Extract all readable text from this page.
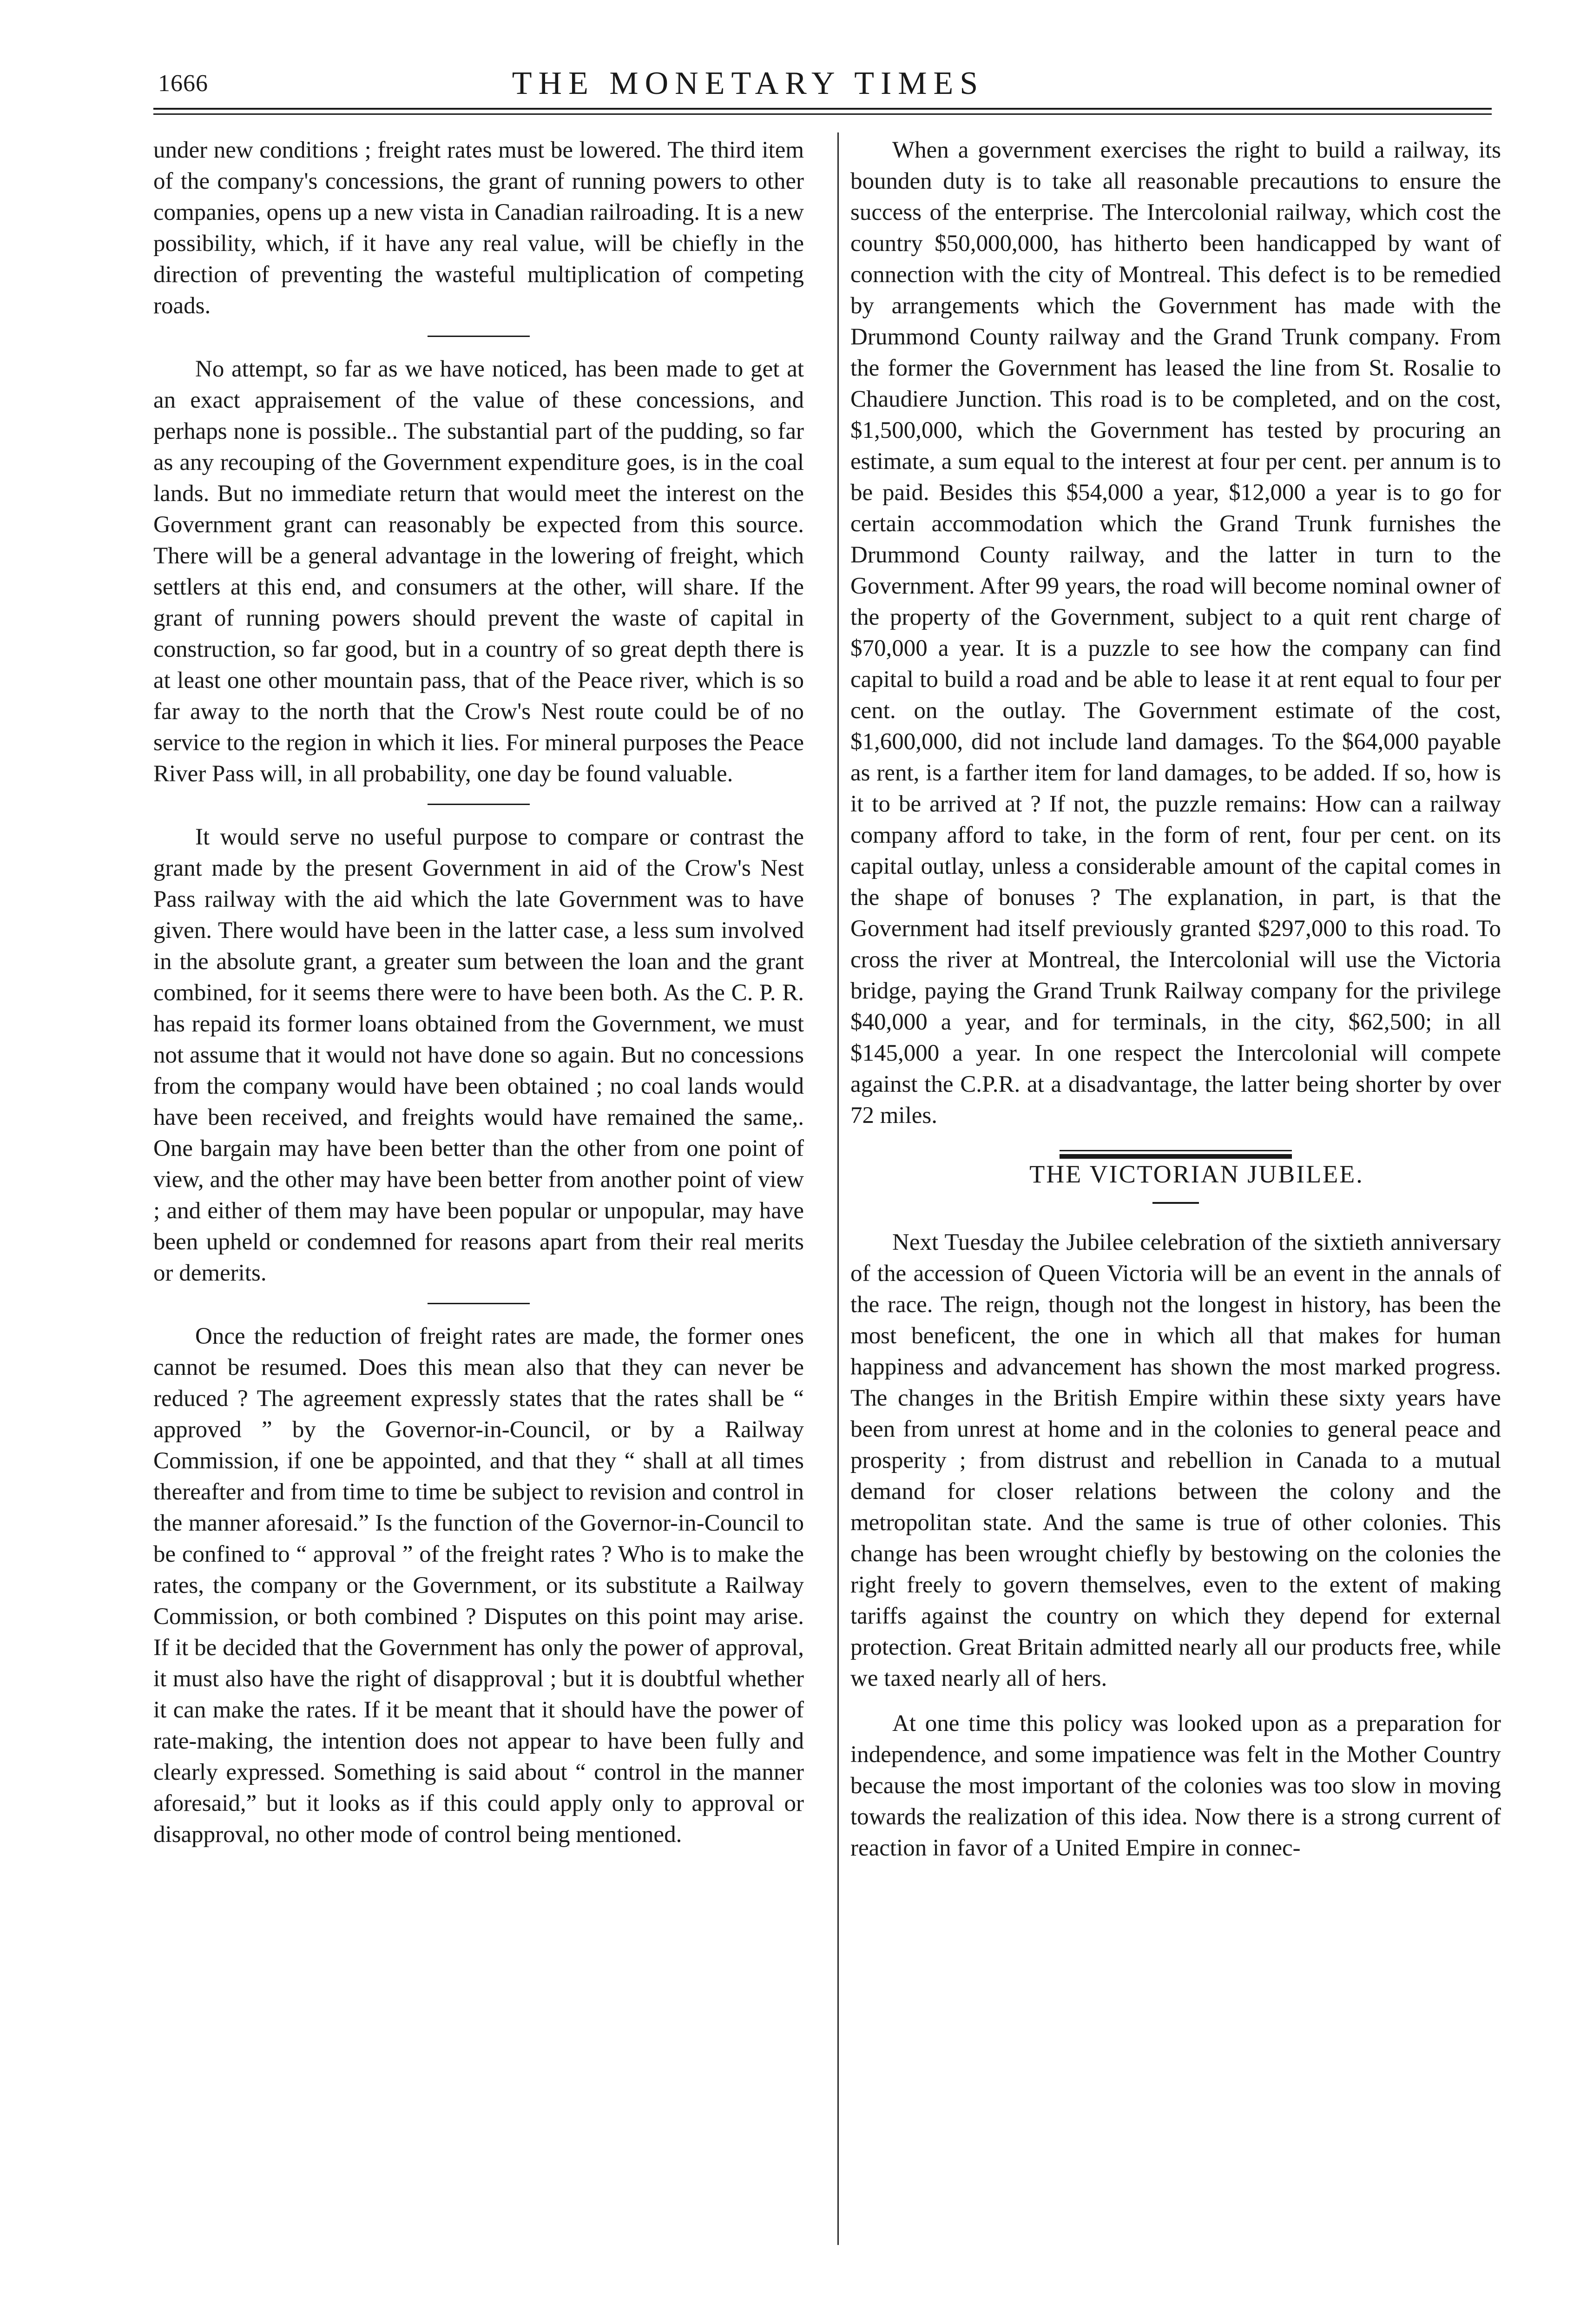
1666	THE MONETARY TIMES

under new conditions ; freight rates must be lowered. The third item of the company's concessions, the grant of running powers to other companies, opens up a new vista in Canadian railroading. It is a new possibility, which, if it have any real value, will be chiefly in the direction of preventing the wasteful multiplication of competing roads.

No attempt, so far as we have noticed, has been made to get at an exact appraisement of the value of these concessions, and perhaps none is possible.. The substantial part of the pudding, so far as any recouping of the Government expenditure goes, is in the coal lands. But no immediate return that would meet the interest on the Government grant can reasonably be expected from this source. There will be a general advantage in the lowering of freight, which settlers at this end, and consumers at the other, will share. If the grant of running powers should prevent the waste of capital in construction, so far good, but in a country of so great depth there is at least one other mountain pass, that of the Peace river, which is so far away to the north that the Crow's Nest route could be of no service to the region in which it lies. For mineral purposes the Peace River Pass will, in all probability, one day be found valuable.

It would serve no useful purpose to compare or contrast the grant made by the present Government in aid of the Crow's Nest Pass railway with the aid which the late Government was to have given. There would have been in the latter case, a less sum involved in the absolute grant, a greater sum between the loan and the grant combined, for it seems there were to have been both. As the C. P. R. has repaid its former loans obtained from the Government, we must not assume that it would not have done so again. But no concessions from the company would have been obtained ; no coal lands would have been received, and freights would have remained the same,. One bargain may have been better than the other from one point of view, and the other may have been better from another point of view ; and either of them may have been popular or unpopular, may have been upheld or condemned for reasons apart from their real merits or demerits.

Once the reduction of freight rates are made, the former ones cannot be resumed. Does this mean also that they can never be reduced ? The agreement expressly states that the rates shall be “ approved ” by the Governor-in-Council, or by a Railway Commission, if one be appointed, and that they “ shall at all times thereafter and from time to time be subject to revision and control in the manner aforesaid.” Is the function of the Governor-in-Council to be confined to “ approval ” of the freight rates ? Who is to make the rates, the company or the Government, or its substitute a Railway Commission, or both combined ? Disputes on this point may arise. If it be decided that the Government has only the power of approval, it must also have the right of disapproval ; but it is doubtful whether it can make the rates. If it be meant that it should have the power of rate-making, the intention does not appear to have been fully and clearly expressed. Something is said about “ control in the manner aforesaid,” but it looks as if this could apply only to approval or disapproval, no other mode of control being mentioned.

When a government exercises the right to build a railway, its bounden duty is to take all reasonable precautions to ensure the success of the enterprise. The Intercolonial railway, which cost the country $50,000,000, has hitherto been handicapped by want of connection with the city of Montreal. This defect is to be remedied by arrangements which the Government has made with the Drummond County railway and the Grand Trunk company. From the former the Government has leased the line from St. Rosalie to Chaudiere Junction. This road is to be completed, and on the cost, $1,500,000, which the Government has tested by procuring an estimate, a sum equal to the interest at four per cent. per annum is to be paid. Besides this $54,000 a year, $12,000 a year is to go for certain accommodation which the Grand Trunk furnishes the Drummond County railway, and the latter in turn to the Government. After 99 years, the road will become nominal owner of the property of the Government, subject to a quit rent charge of $70,000 a year. It is a puzzle to see how the company can find capital to build a road and be able to lease it at rent equal to four per cent. on the outlay. The Government estimate of the cost, $1,600,000, did not include land damages. To the $64,000 payable as rent, is a farther item for land damages, to be added. If so, how is it to be arrived at ? If not, the puzzle remains: How can a railway company afford to take, in the form of rent, four per cent. on its capital outlay, unless a considerable amount of the capital comes in the shape of bonuses ? The explanation, in part, is that the Government had itself previously granted $297,000 to this road. To cross the river at Montreal, the Intercolonial will use the Victoria bridge, paying the Grand Trunk Railway company for the privilege $40,000 a year, and for terminals, in the city, $62,500; in all $145,000 a year. In one respect the Intercolonial will compete against the C.P.R. at a disadvantage, the latter being shorter by over 72 miles.

THE VICTORIAN JUBILEE.

Next Tuesday the Jubilee celebration of the sixtieth anniversary of the accession of Queen Victoria will be an event in the annals of the race. The reign, though not the longest in history, has been the most beneficent, the one in which all that makes for human happiness and advancement has shown the most marked progress. The changes in the British Empire within these sixty years have been from unrest at home and in the colonies to general peace and prosperity ; from distrust and rebellion in Canada to a mutual demand for closer relations between the colony and the metropolitan state. And the same is true of other colonies. This change has been wrought chiefly by bestowing on the colonies the right freely to govern themselves, even to the extent of making tariffs against the country on which they depend for external protection. Great Britain admitted nearly all our products free, while we taxed nearly all of hers.

At one time this policy was looked upon as a preparation for independence, and some impatience was felt in the Mother Country because the most important of the colonies was too slow in moving towards the realization of this idea. Now there is a strong current of reaction in favor of a United Empire in connec-
